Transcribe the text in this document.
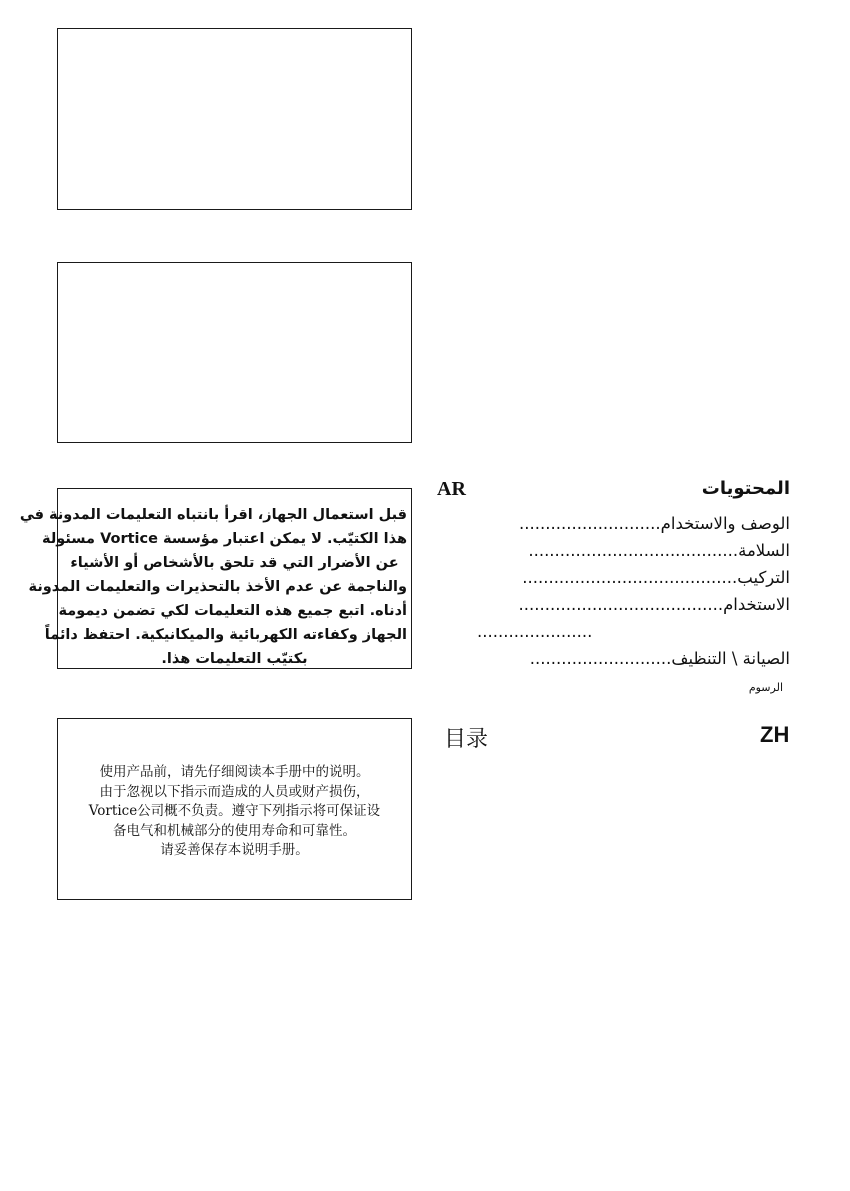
قبل استعمال الجهاز، اقرأ بانتباه التعليمات المدونة في
هذا الكتيّب. لا يمكن اعتبار مؤسسة Vortice مسئولة
عن الأضرار التي قد تلحق بالأشخاص أو الأشياء
والناجمة عن عدم الأخذ بالتحذيرات والتعليمات المدونة
أدناه. اتبع جميع هذه التعليمات لكي تضمن ديمومة
الجهاز وكفاءته الكهربائية والميكانيكية. احتفظ دائماً
بكتيّب التعليمات هذا.
使用产品前，请先仔细阅读本手册中的说明。
由于忽视以下指示而造成的人员或财产损伤，
Vortice公司概不负责。遵守下列指示将可保证设
备电气和机械部分的使用寿命和可靠性。
请妥善保存本说明手册。
AR	المحتويات
الوصف والاستخدام...........................
السلامة........................................
التركيب.........................................
الاستخدام.......................................
......................
الصيانة \ التنظيف...........................
الرسوم
目录	ZH
